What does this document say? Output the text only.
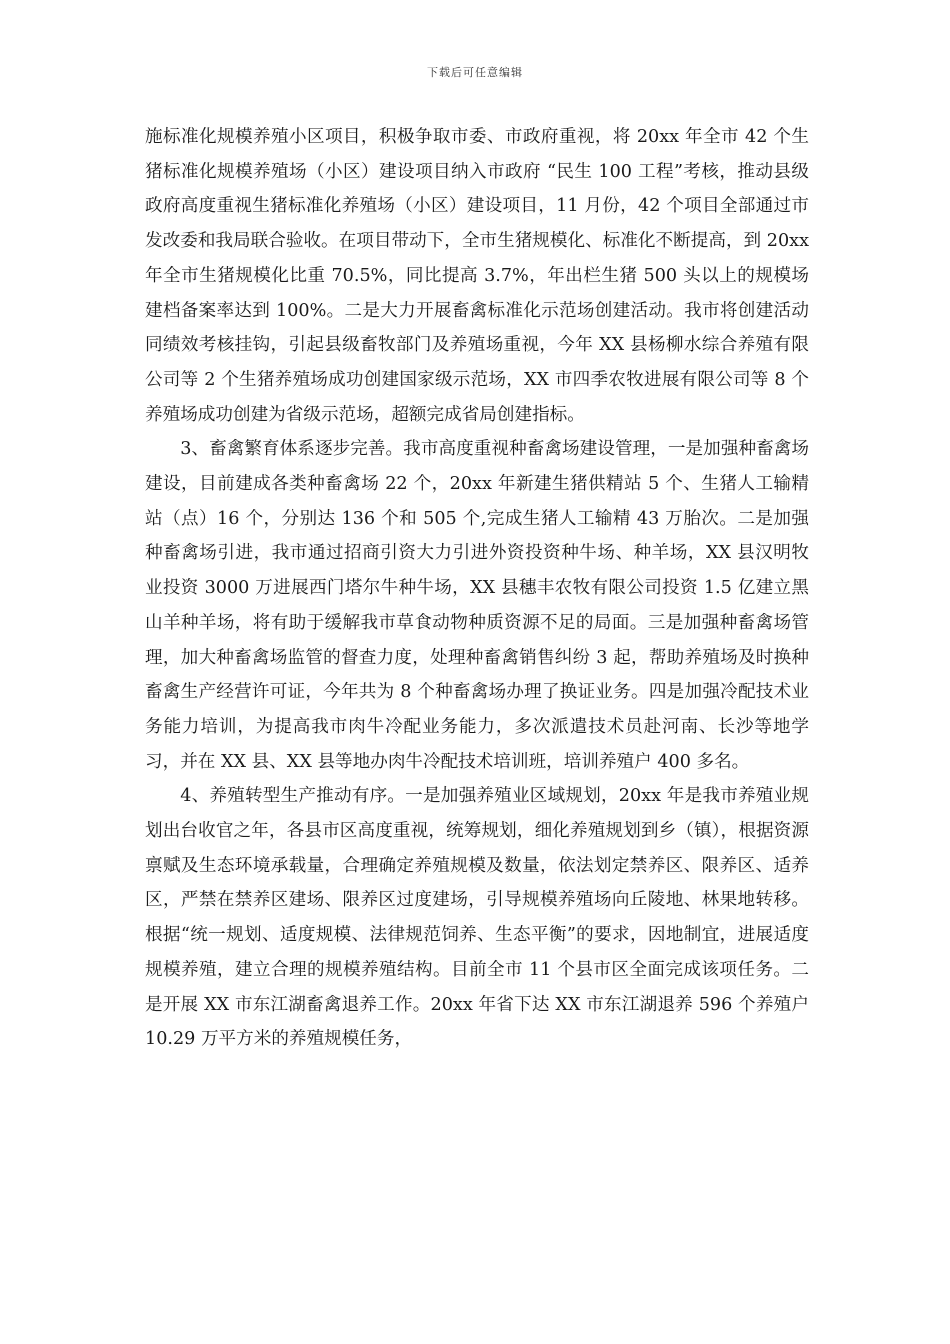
下载后可任意编辑

施标准化规模养殖小区项目，积极争取市委、市政府重视，将 20xx 年全市 42 个生猪标准化规模养殖场（小区）建设项目纳入市政府 “民生 100 工程”考核，推动县级政府高度重视生猪标准化养殖场（小区）建设项目，11 月份，42 个项目全部通过市发改委和我局联合验收。在项目带动下，全市生猪规模化、标准化不断提高，到 20xx 年全市生猪规模化比重 70.5%，同比提高 3.7%，年出栏生猪 500 头以上的规模场建档备案率达到 100%。二是大力开展畜禽标准化示范场创建活动。我市将创建活动同绩效考核挂钩，引起县级畜牧部门及养殖场重视，今年 XX 县杨柳水综合养殖有限公司等 2 个生猪养殖场成功创建国家级示范场，XX 市四季农牧进展有限公司等 8 个养殖场成功创建为省级示范场，超额完成省局创建指标。

3、畜禽繁育体系逐步完善。我市高度重视种畜禽场建设管理，一是加强种畜禽场建设，目前建成各类种畜禽场 22 个，20xx 年新建生猪供精站 5 个、生猪人工输精站（点）16 个，分别达 136 个和 505 个,完成生猪人工输精 43 万胎次。二是加强种畜禽场引进，我市通过招商引资大力引进外资投资种牛场、种羊场，XX 县汉明牧业投资 3000 万进展西门塔尔牛种牛场，XX 县穗丰农牧有限公司投资 1.5 亿建立黑山羊种羊场，将有助于缓解我市草食动物种质资源不足的局面。三是加强种畜禽场管理，加大种畜禽场监管的督查力度，处理种畜禽销售纠纷 3 起，帮助养殖场及时换种畜禽生产经营许可证，今年共为 8 个种畜禽场办理了换证业务。四是加强冷配技术业务能力培训，为提高我市肉牛冷配业务能力，多次派遣技术员赴河南、长沙等地学习，并在 XX 县、XX 县等地办肉牛冷配技术培训班，培训养殖户 400 多名。

4、养殖转型生产推动有序。一是加强养殖业区域规划，20xx 年是我市养殖业规划出台收官之年，各县市区高度重视，统筹规划，细化养殖规划到乡（镇），根据资源禀赋及生态环境承载量，合理确定养殖规模及数量，依法划定禁养区、限养区、适养区，严禁在禁养区建场、限养区过度建场，引导规模养殖场向丘陵地、林果地转移。根据“统一规划、适度规模、法律规范饲养、生态平衡”的要求，因地制宜，进展适度规模养殖，建立合理的规模养殖结构。目前全市 11 个县市区全面完成该项任务。二是开展 XX 市东江湖畜禽退养工作。20xx 年省下达 XX 市东江湖退养 596 个养殖户 10.29 万平方米的养殖规模任务，
